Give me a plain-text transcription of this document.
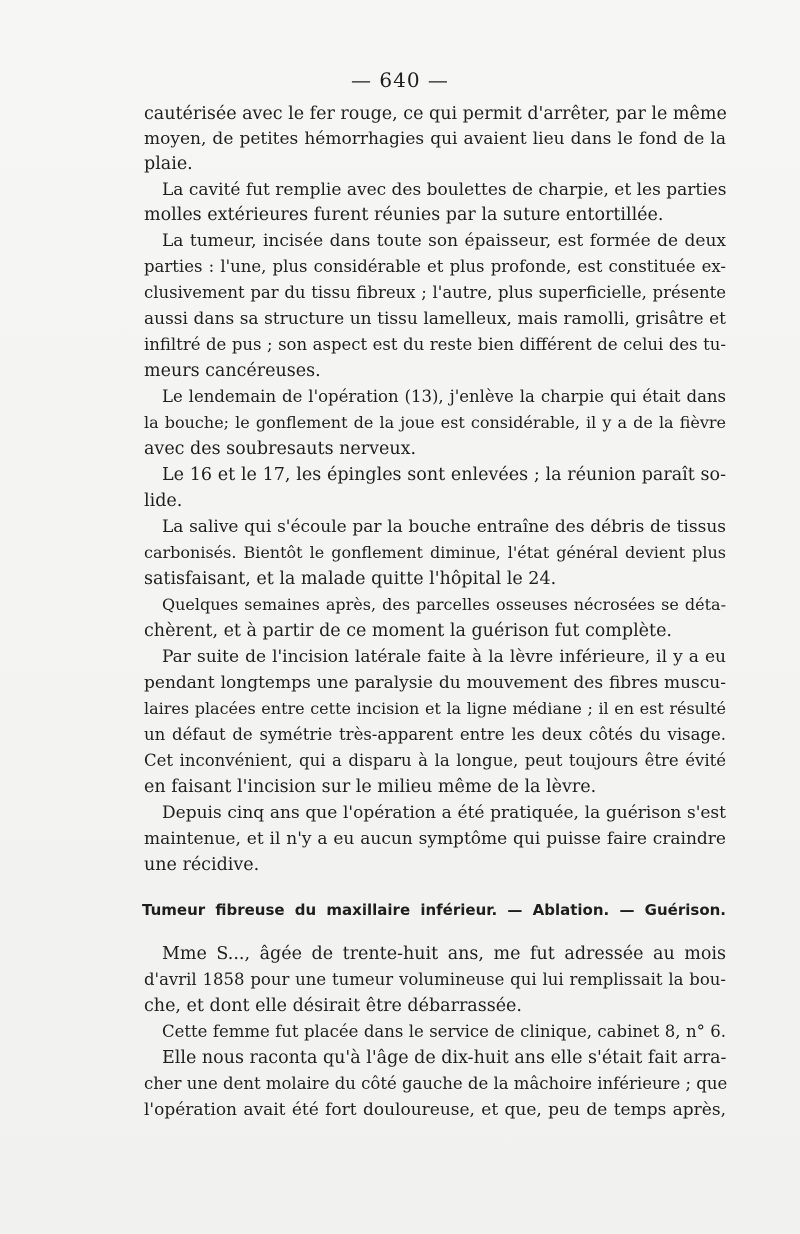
— 640 —
cautérisée avec le fer rouge, ce qui permit d'arrêter, par le même
moyen, de petites hémorrhagies qui avaient lieu dans le fond de la
plaie.
La cavité fut remplie avec des boulettes de charpie, et les parties
molles extérieures furent réunies par la suture entortillée.
La tumeur, incisée dans toute son épaisseur, est formée de deux
parties : l'une, plus considérable et plus profonde, est constituée ex-
clusivement par du tissu fibreux ; l'autre, plus superficielle, présente
aussi dans sa structure un tissu lamelleux, mais ramolli, grisâtre et
infiltré de pus ; son aspect est du reste bien différent de celui des tu-
meurs cancéreuses.
Le lendemain de l'opération (13), j'enlève la charpie qui était dans
la bouche; le gonflement de la joue est considérable, il y a de la fièvre
avec des soubresauts nerveux.
Le 16 et le 17, les épingles sont enlevées ; la réunion paraît so-
lide.
La salive qui s'écoule par la bouche entraîne des débris de tissus
carbonisés. Bientôt le gonflement diminue, l'état général devient plus
satisfaisant, et la malade quitte l'hôpital le 24.
Quelques semaines après, des parcelles osseuses nécrosées se déta-
chèrent, et à partir de ce moment la guérison fut complète.
Par suite de l'incision latérale faite à la lèvre inférieure, il y a eu
pendant longtemps une paralysie du mouvement des fibres muscu-
laires placées entre cette incision et la ligne médiane ; il en est résulté
un défaut de symétrie très-apparent entre les deux côtés du visage.
Cet inconvénient, qui a disparu à la longue, peut toujours être évité
en faisant l'incision sur le milieu même de la lèvre.
Depuis cinq ans que l'opération a été pratiquée, la guérison s'est
maintenue, et il n'y a eu aucun symptôme qui puisse faire craindre
une récidive.
Tumeur fibreuse du maxillaire inférieur. — Ablation. — Guérison.
Mme S..., âgée de trente-huit ans, me fut adressée au mois
d'avril 1858 pour une tumeur volumineuse qui lui remplissait la bou-
che, et dont elle désirait être débarrassée.
Cette femme fut placée dans le service de clinique, cabinet 8, n° 6.
Elle nous raconta qu'à l'âge de dix-huit ans elle s'était fait arra-
cher une dent molaire du côté gauche de la mâchoire inférieure ; que
l'opération avait été fort douloureuse, et que, peu de temps après,
